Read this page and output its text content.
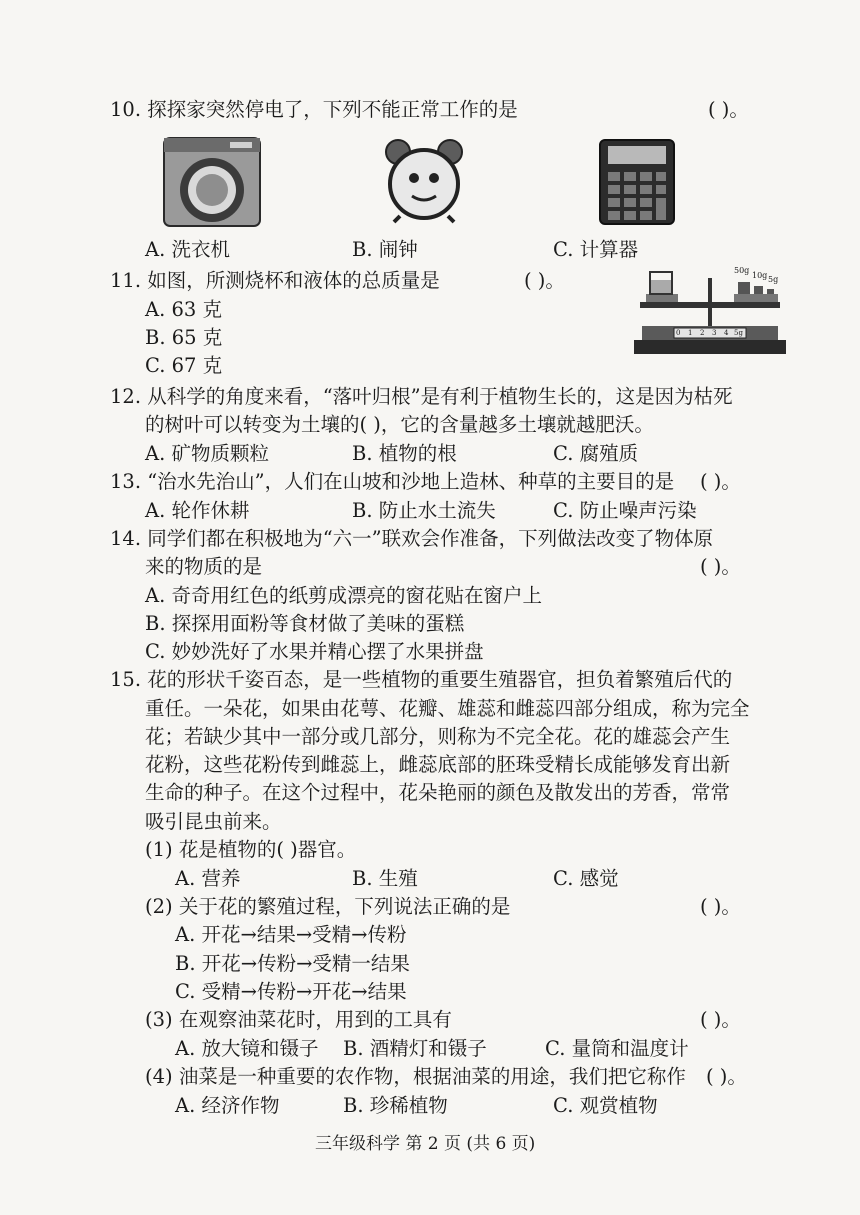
10. 探探家突然停电了，下列不能正常工作的是	( )。
A. 洗衣机	B. 闹钟	C. 计算器
11. 如图，所测烧杯和液体的总质量是	( )。
A. 63 克
B. 65 克
C. 67 克
50g
10g 5g
0 1 2 3 4 5g
12. 从科学的角度来看，“落叶归根”是有利于植物生长的，这是因为枯死
的树叶可以转变为土壤的( )，它的含量越多土壤就越肥沃。
A. 矿物质颗粒	B. 植物的根	C. 腐殖质
13. “治水先治山”，人们在山坡和沙地上造林、种草的主要目的是 ( )。
A. 轮作休耕	B. 防止水土流失	C. 防止噪声污染
14. 同学们都在积极地为“六一”联欢会作准备，下列做法改变了物体原
来的物质的是	( )。
A. 奇奇用红色的纸剪成漂亮的窗花贴在窗户上
B. 探探用面粉等食材做了美味的蛋糕
C. 妙妙洗好了水果并精心摆了水果拼盘
15. 花的形状千姿百态，是一些植物的重要生殖器官，担负着繁殖后代的
重任。一朵花，如果由花萼、花瓣、雄蕊和雌蕊四部分组成，称为完全
花；若缺少其中一部分或几部分，则称为不完全花。花的雄蕊会产生
花粉，这些花粉传到雌蕊上，雌蕊底部的胚珠受精长成能够发育出新
生命的种子。在这个过程中，花朵艳丽的颜色及散发出的芳香，常常
吸引昆虫前来。
(1) 花是植物的( )器官。
A. 营养	B. 生殖	C. 感觉
(2) 关于花的繁殖过程，下列说法正确的是	( )。
A. 开花→结果→受精→传粉
B. 开花→传粉→受精一结果
C. 受精→传粉→开花→结果
(3) 在观察油菜花时，用到的工具有	( )。
A. 放大镜和镊子 B. 酒精灯和镊子	C. 量筒和温度计
(4) 油菜是一种重要的农作物，根据油菜的用途，我们把它称作 ( )。
A. 经济作物	B. 珍稀植物	C. 观赏植物
三年级科学 第 2 页 (共 6 页)
